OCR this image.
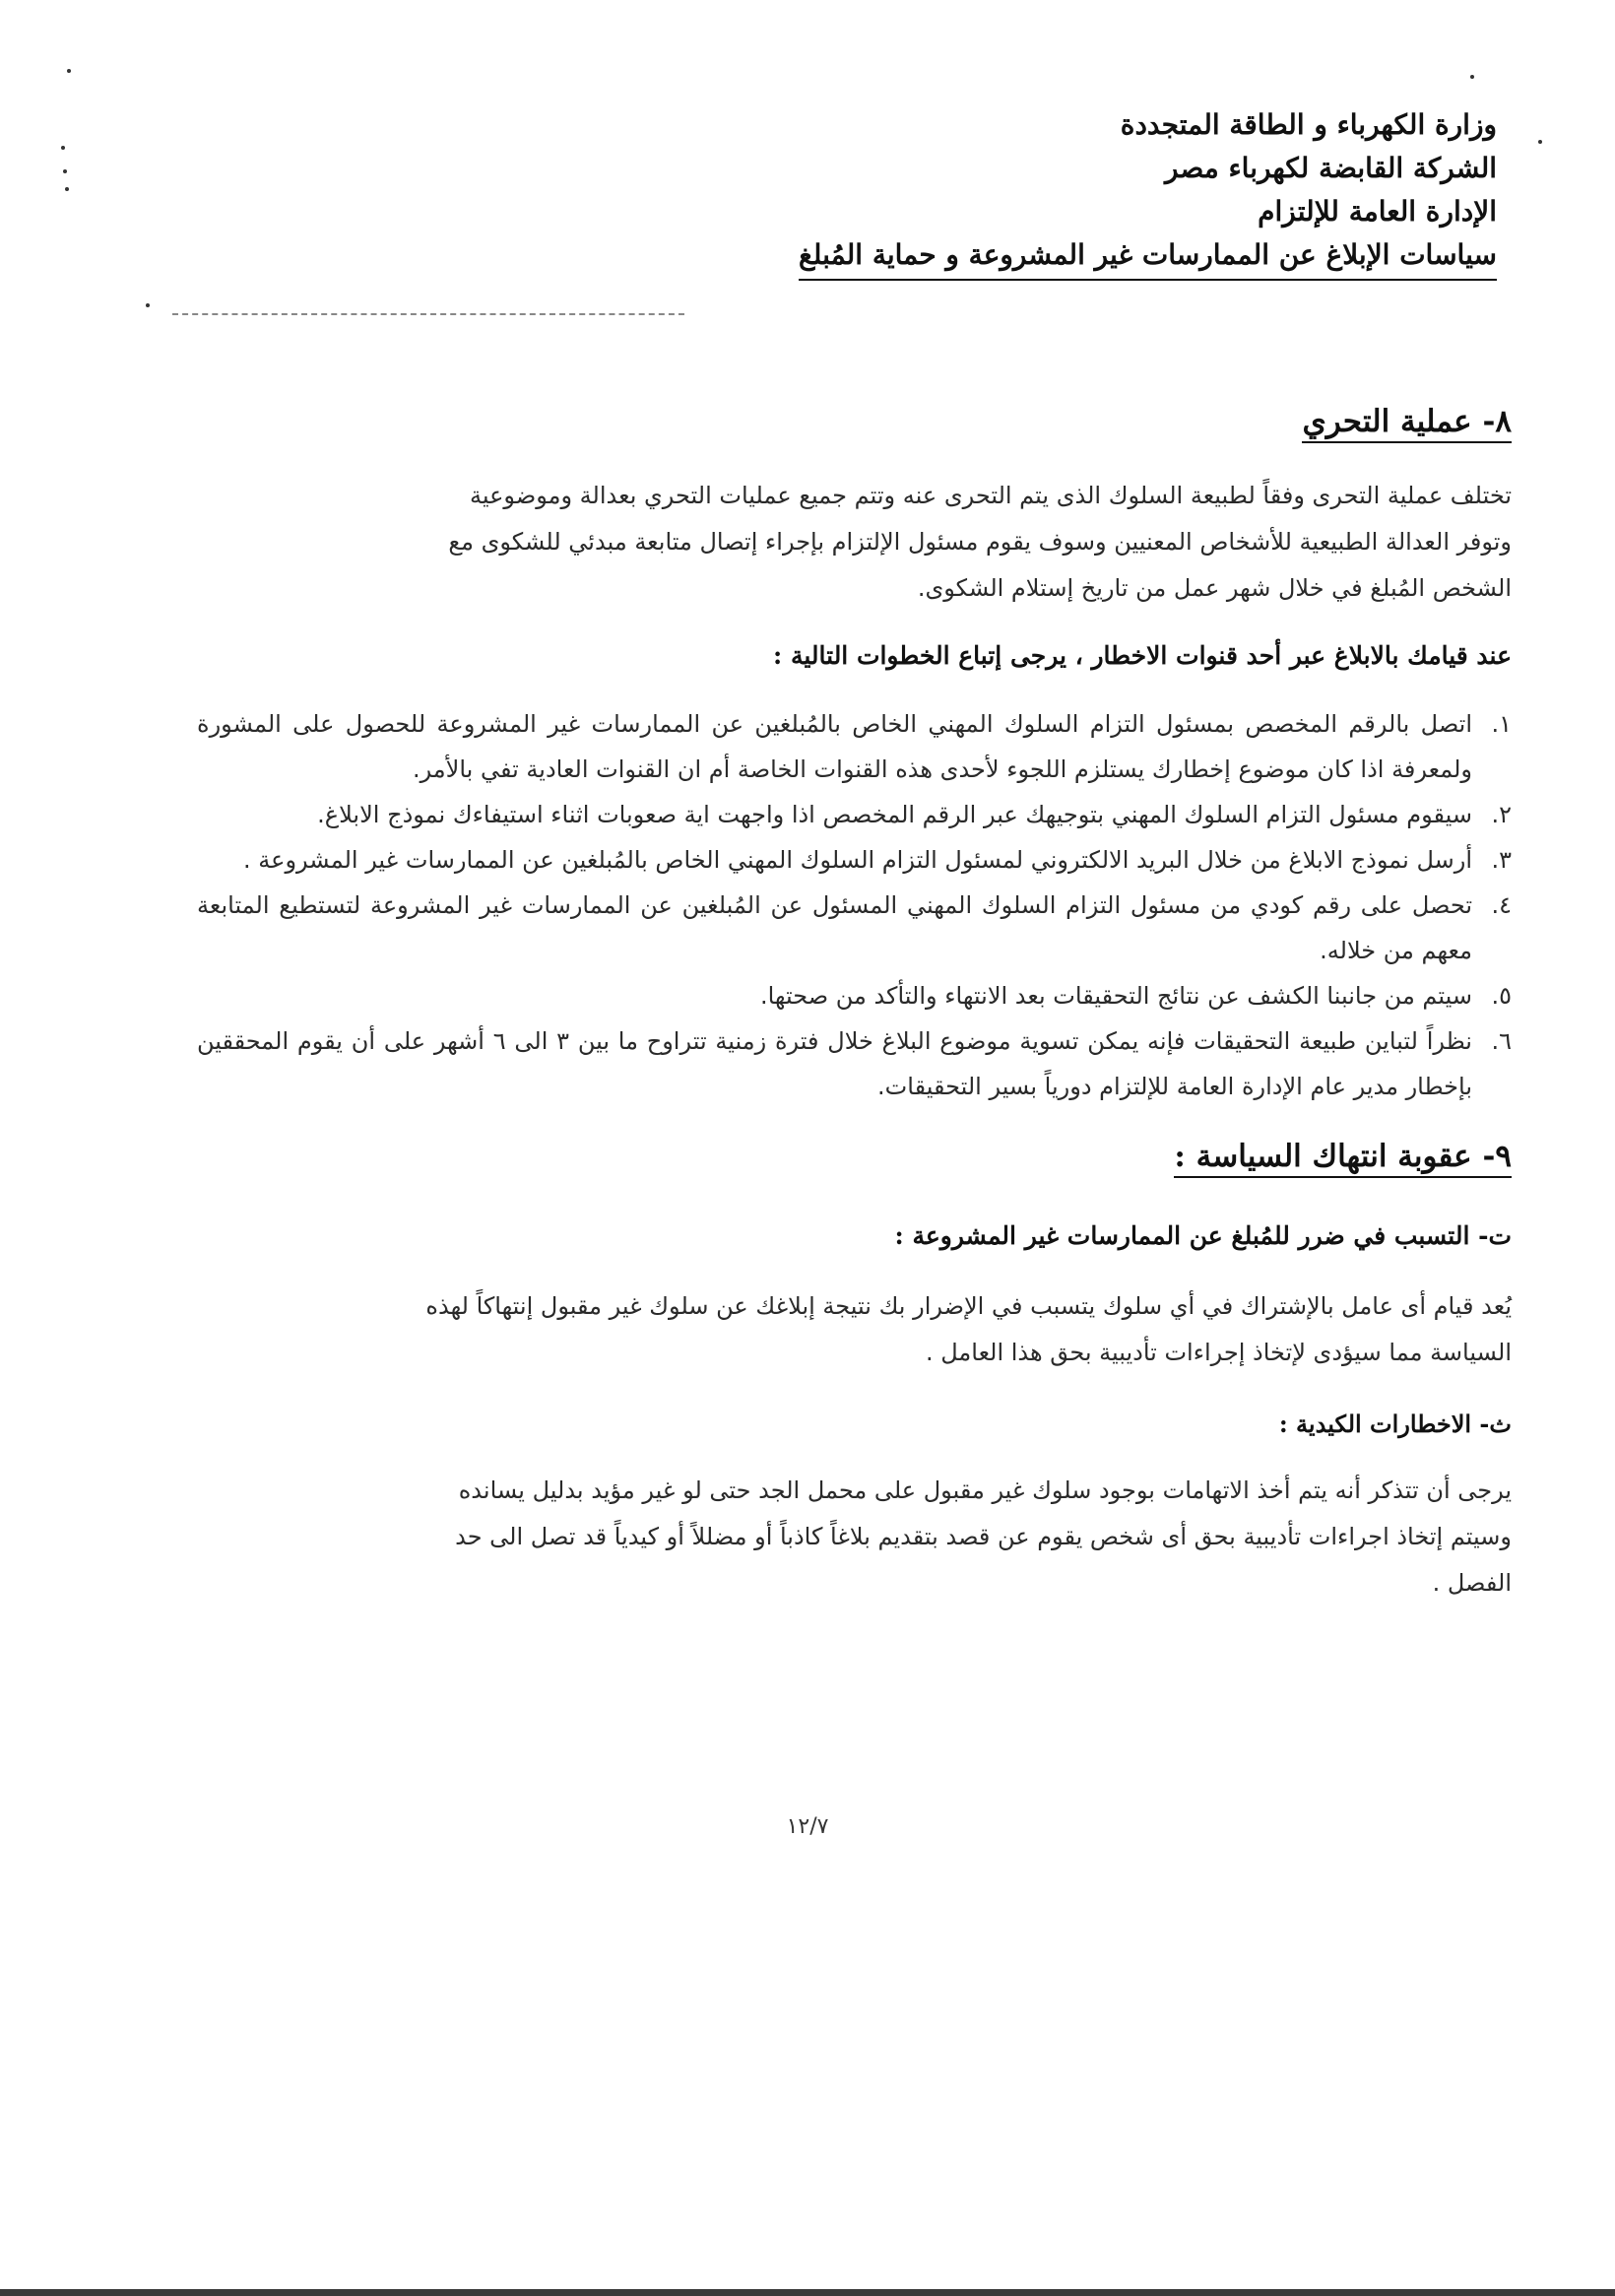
وزارة الكهرباء و الطاقة المتجددة
الشركة القابضة لكهرباء مصر
الإدارة العامة للإلتزام
سياسات الإبلاغ عن الممارسات غير المشروعة و حماية المُبلغ
٨- عملية التحري

تختلف عملية التحرى وفقاً لطبيعة السلوك الذى يتم التحرى عنه وتتم جميع عمليات التحري بعدالة وموضوعية

وتوفر العدالة الطبيعية للأشخاص المعنيين وسوف يقوم مسئول الإلتزام بإجراء إتصال متابعة مبدئي للشكوى مع

الشخص المُبلغ في خلال شهر عمل من تاريخ إستلام الشكوى.

عند قيامك بالابلاغ عبر أحد قنوات الاخطار ، يرجى إتباع الخطوات التالية :

١.
اتصل بالرقم المخصص بمسئول التزام السلوك المهني الخاص بالمُبلغين عن الممارسات غير المشروعة للحصول على المشورة ولمعرفة اذا كان موضوع إخطارك يستلزم اللجوء لأحدى هذه القنوات الخاصة أم ان القنوات العادية تفي بالأمر.
٢.
سيقوم مسئول التزام السلوك المهني بتوجيهك عبر الرقم المخصص اذا واجهت اية صعوبات اثناء استيفاءك نموذج الابلاغ.
٣.
أرسل نموذج الابلاغ من خلال البريد الالكتروني لمسئول التزام السلوك المهني الخاص بالمُبلغين عن الممارسات غير المشروعة .
٤.
تحصل على رقم كودي من مسئول التزام السلوك المهني المسئول عن المُبلغين عن الممارسات غير المشروعة لتستطيع المتابعة معهم من خلاله.
٥.
سيتم من جانبنا الكشف عن نتائج التحقيقات بعد الانتهاء والتأكد من صحتها.
٦.
نظراً لتباين طبيعة التحقيقات فإنه يمكن تسوية موضوع البلاغ خلال فترة زمنية تتراوح ما بين ٣ الى ٦ أشهر على أن يقوم المحققين بإخطار مدير عام الإدارة العامة للإلتزام دورياً بسير التحقيقات.
٩- عقوبة انتهاك السياسة :

ت- التسبب في ضرر للمُبلغ عن الممارسات غير المشروعة :

يُعد قيام أى عامل بالإشتراك في أي سلوك يتسبب في الإضرار بك نتيجة إبلاغك عن سلوك غير مقبول إنتهاكاً لهذه

السياسة مما سيؤدى لإتخاذ إجراءات تأديبية بحق هذا العامل .

ث- الاخطارات الكيدية :

يرجى أن تتذكر أنه يتم أخذ الاتهامات بوجود سلوك غير مقبول على محمل الجد حتى لو غير مؤيد بدليل يسانده

وسيتم إتخاذ اجراءات تأديبية بحق أى شخص يقوم عن قصد بتقديم بلاغاً كاذباً أو مضللاً أو كيدياً قد تصل الى حد

الفصل .

١٢/٧
